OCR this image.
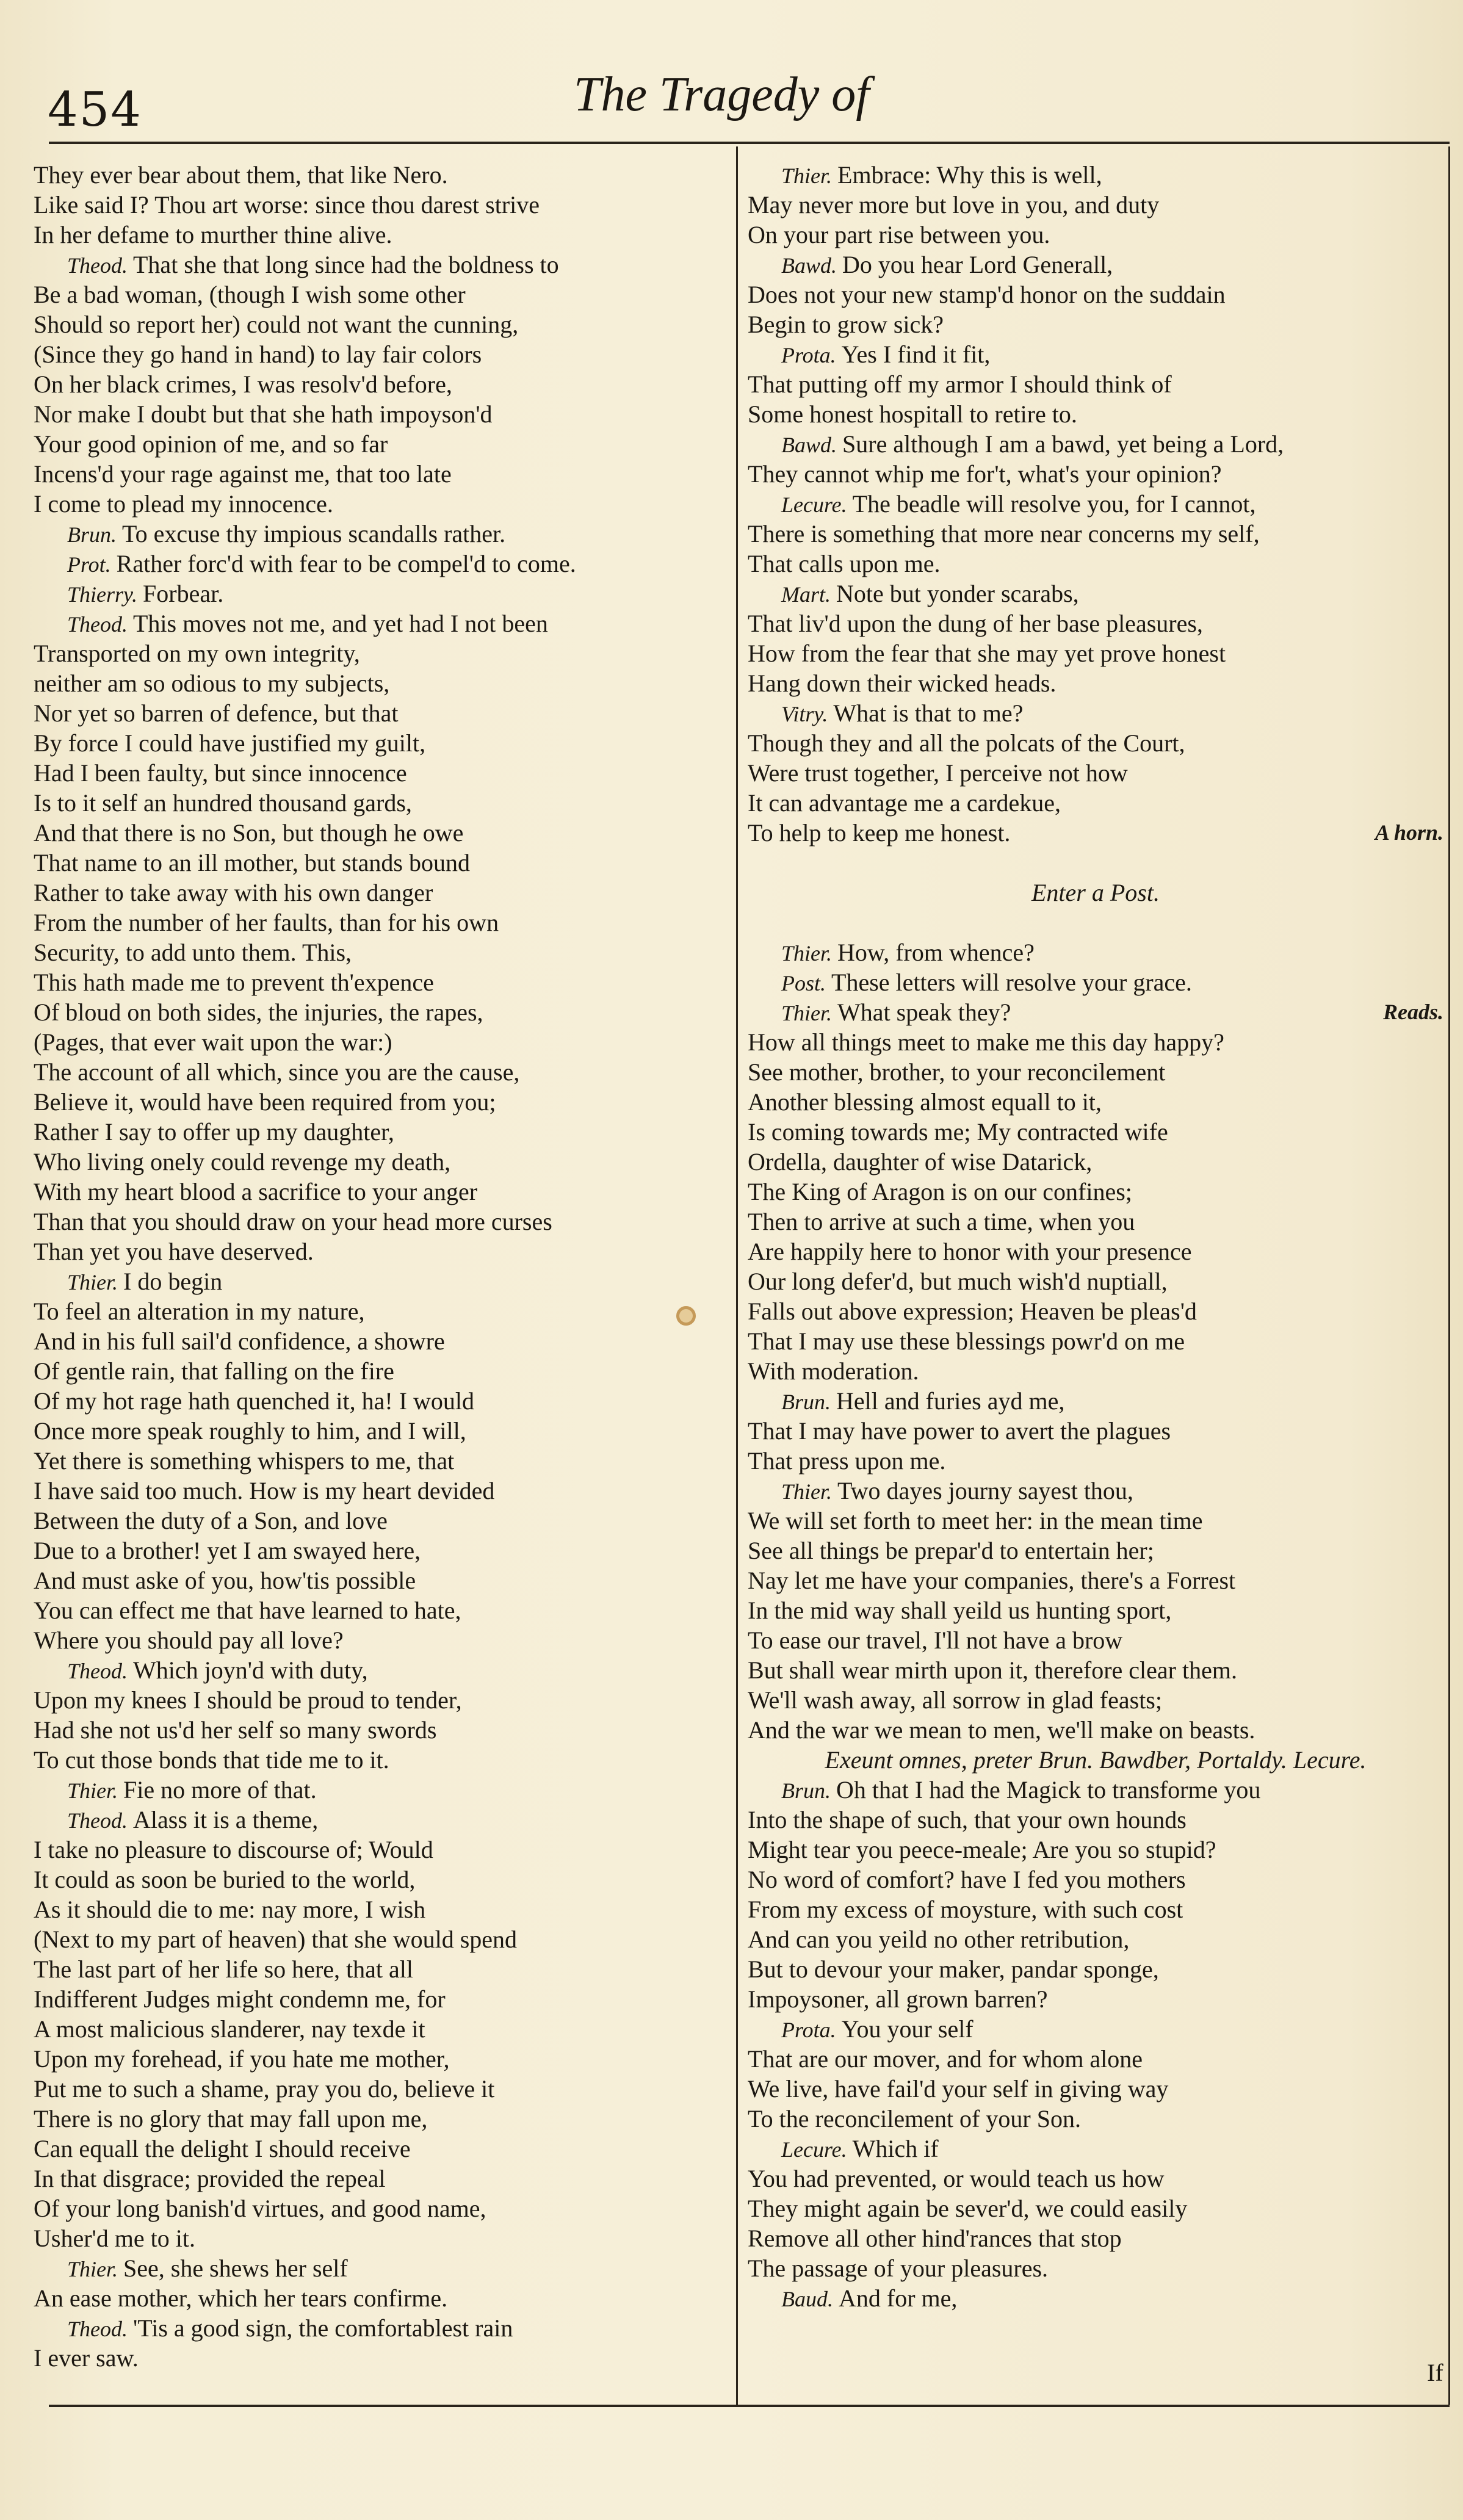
454	The Tragedy of
They ever bear about them, that like Nero.
Like said I? Thou art worse: since thou darest strive
In her defame to murther thine alive.
Theod. That she that long since had the boldness to
Be a bad woman, (though I wish some other
Should so report her) could not want the cunning,
(Since they go hand in hand) to lay fair colors
On her black crimes, I was resolv'd before,
Nor make I doubt but that she hath impoyson'd
Your good opinion of me, and so far
Incens'd your rage against me, that too late
I come to plead my innocence.
Brun. To excuse thy impious scandalls rather.
Prot. Rather forc'd with fear to be compel'd to come.
Thierry. Forbear.
Theod. This moves not me, and yet had I not been
Transported on my own integrity,
neither am so odious to my subjects,
Nor yet so barren of defence, but that
By force I could have justified my guilt,
Had I been faulty, but since innocence
Is to it self an hundred thousand gards,
And that there is no Son, but though he owe
That name to an ill mother, but stands bound
Rather to take away with his own danger
From the number of her faults, than for his own
Security, to add unto them. This,
This hath made me to prevent th'expence
Of bloud on both sides, the injuries, the rapes,
(Pages, that ever wait upon the war:)
The account of all which, since you are the cause,
Believe it, would have been required from you;
Rather I say to offer up my daughter,
Who living onely could revenge my death,
With my heart blood a sacrifice to your anger
Than that you should draw on your head more curses
Than yet you have deserved.
Thier. I do begin
To feel an alteration in my nature,
And in his full sail'd confidence, a showre
Of gentle rain, that falling on the fire
Of my hot rage hath quenched it, ha! I would
Once more speak roughly to him, and I will,
Yet there is something whispers to me, that
I have said too much. How is my heart devided
Between the duty of a Son, and love
Due to a brother! yet I am swayed here,
And must aske of you, how'tis possible
You can effect me that have learned to hate,
Where you should pay all love?
Theod. Which joyn'd with duty,
Upon my knees I should be proud to tender,
Had she not us'd her self so many swords
To cut those bonds that tide me to it.
Thier. Fie no more of that.
Theod. Alass it is a theme,
I take no pleasure to discourse of; Would
It could as soon be buried to the world,
As it should die to me: nay more, I wish
(Next to my part of heaven) that she would spend
The last part of her life so here, that all
Indifferent Judges might condemn me, for
A most malicious slanderer, nay texde it
Upon my forehead, if you hate me mother,
Put me to such a shame, pray you do, believe it
There is no glory that may fall upon me,
Can equall the delight I should receive
In that disgrace; provided the repeal
Of your long banish'd virtues, and good name,
Usher'd me to it.
Thier. See, she shews her self
An ease mother, which her tears confirme.
Theod. 'Tis a good sign, the comfortablest rain
I ever saw.
Thier. Embrace: Why this is well,
May never more but love in you, and duty
On your part rise between you.
Bawd. Do you hear Lord Generall,
Does not your new stamp'd honor on the suddain
Begin to grow sick?
Prota. Yes I find it fit,
That putting off my armor I should think of
Some honest hospitall to retire to.
Bawd. Sure although I am a bawd, yet being a Lord,
They cannot whip me for't, what's your opinion?
Lecure. The beadle will resolve you, for I cannot,
There is something that more near concerns my self,
That calls upon me.
Mart. Note but yonder scarabs,
That liv'd upon the dung of her base pleasures,
How from the fear that she may yet prove honest
Hang down their wicked heads.
Vitry. What is that to me?
Though they and all the polcats of the Court,
Were trust together, I perceive not how
It can advantage me a cardekue,
To help to keep me honest.	A horn.
Enter a Post.
Thier. How, from whence?
Post. These letters will resolve your grace.
Thier. What speak they?	Reads.
How all things meet to make me this day happy?
See mother, brother, to your reconcilement
Another blessing almost equall to it,
Is coming towards me; My contracted wife
Ordella, daughter of wise Datarick,
The King of Aragon is on our confines;
Then to arrive at such a time, when you
Are happily here to honor with your presence
Our long defer'd, but much wish'd nuptiall,
Falls out above expression; Heaven be pleas'd
That I may use these blessings powr'd on me
With moderation.
Brun. Hell and furies ayd me,
That I may have power to avert the plagues
That press upon me.
Thier. Two dayes journy sayest thou,
We will set forth to meet her: in the mean time
See all things be prepar'd to entertain her;
Nay let me have your companies, there's a Forrest
In the mid way shall yeild us hunting sport,
To ease our travel, I'll not have a brow
But shall wear mirth upon it, therefore clear them.
We'll wash away, all sorrow in glad feasts;
And the war we mean to men, we'll make on beasts.
Exeunt omnes, preter Brun. Bawdber, Portaldy. Lecure.
Brun. Oh that I had the Magick to transforme you
Into the shape of such, that your own hounds
Might tear you peece-meale; Are you so stupid?
No word of comfort? have I fed you mothers
From my excess of moysture, with such cost
And can you yeild no other retribution,
But to devour your maker, pandar sponge,
Impoysoner, all grown barren?
Prota. You your self
That are our mover, and for whom alone
We live, have fail'd your self in giving way
To the reconcilement of your Son.
Lecure. Which if
You had prevented, or would teach us how
They might again be sever'd, we could easily
Remove all other hind'rances that stop
The passage of your pleasures.
Baud. And for me,
If
